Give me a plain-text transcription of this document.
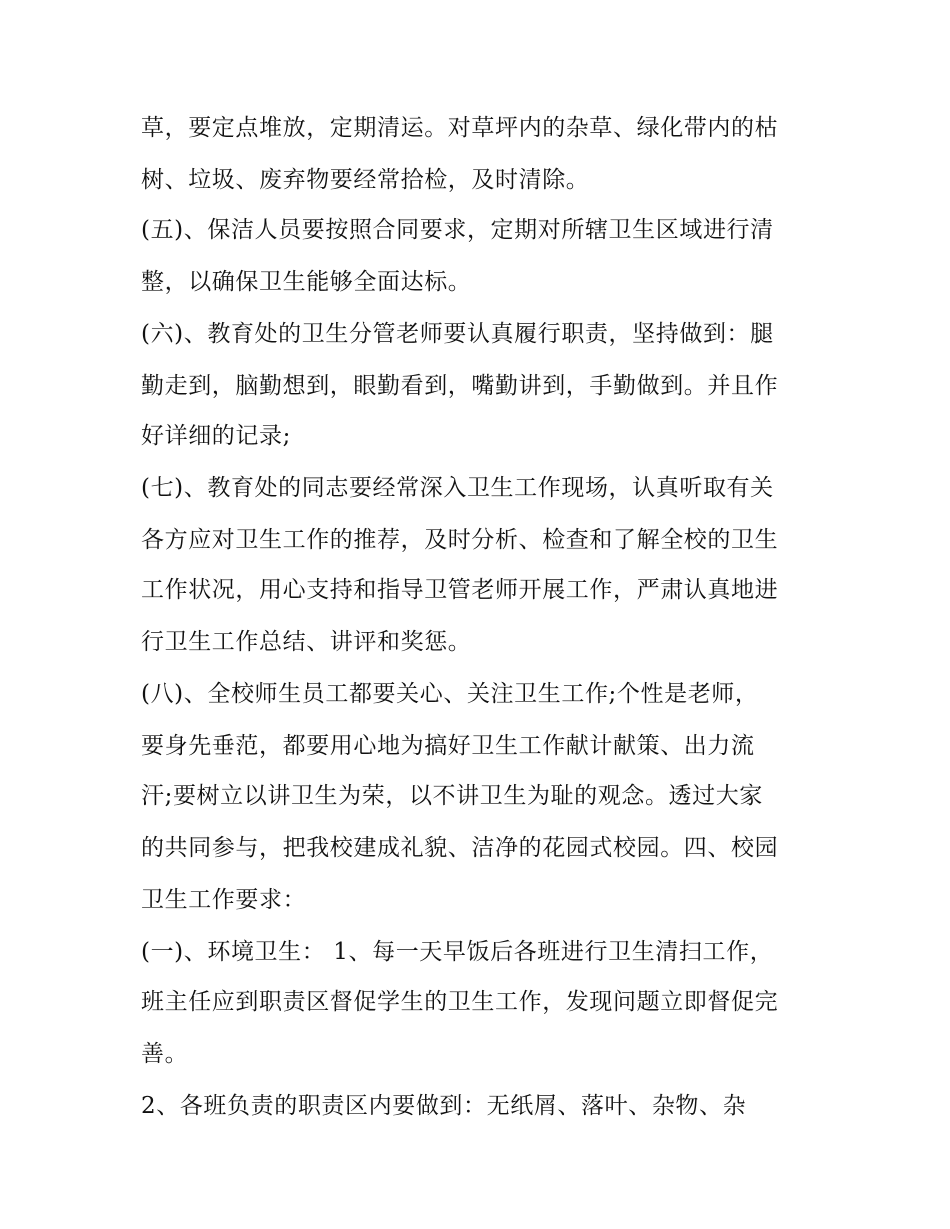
草，要定点堆放，定期清运。对草坪内的杂草、绿化带内的枯
树、垃圾、废弃物要经常拾检，及时清除。
(五)、保洁人员要按照合同要求，定期对所辖卫生区域进行清
整，以确保卫生能够全面达标。
(六)、教育处的卫生分管老师要认真履行职责，坚持做到：腿
勤走到，脑勤想到，眼勤看到，嘴勤讲到，手勤做到。并且作
好详细的记录;
(七)、教育处的同志要经常深入卫生工作现场，认真听取有关
各方应对卫生工作的推荐，及时分析、检查和了解全校的卫生
工作状况，用心支持和指导卫管老师开展工作，严肃认真地进
行卫生工作总结、讲评和奖惩。
(八)、全校师生员工都要关心、关注卫生工作;个性是老师，
要身先垂范，都要用心地为搞好卫生工作献计献策、出力流
汗;要树立以讲卫生为荣，以不讲卫生为耻的观念。透过大家
的共同参与，把我校建成礼貌、洁净的花园式校园。四、校园
卫生工作要求：
(一)、环境卫生： 1、每一天早饭后各班进行卫生清扫工作，
班主任应到职责区督促学生的卫生工作，发现问题立即督促完
善。
2、各班负责的职责区内要做到：无纸屑、落叶、杂物、杂
